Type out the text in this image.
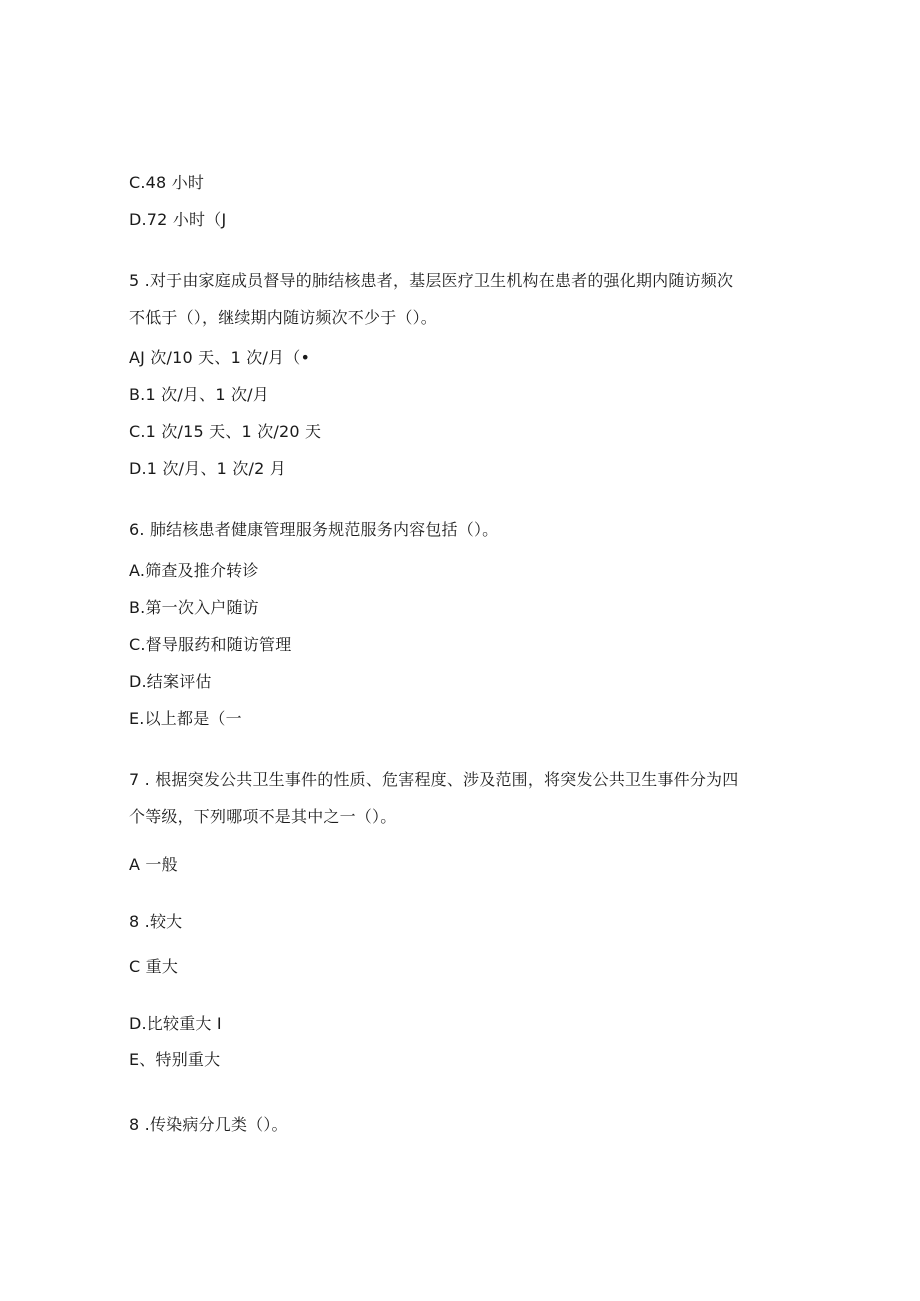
C.48 小时
D.72 小时（J
5 .对于由家庭成员督导的肺结核患者，基层医疗卫生机构在患者的强化期内随访频次
不低于（），继续期内随访频次不少于（）。
AJ 次/10 天、1 次/月（•
B.1 次/月、1 次/月
C.1 次/15 天、1 次/20 天
D.1 次/月、1 次/2 月
6. 肺结核患者健康管理服务规范服务内容包括（）。
A.筛查及推介转诊
B.第一次入户随访
C.督导服药和随访管理
D.结案评估
E.以上都是（一
7 . 根据突发公共卫生事件的性质、危害程度、涉及范围，将突发公共卫生事件分为四
个等级，下列哪项不是其中之一（）。
A 一般
8 .较大
C 重大
D.比较重大 I
E、特别重大
8 .传染病分几类（）。
